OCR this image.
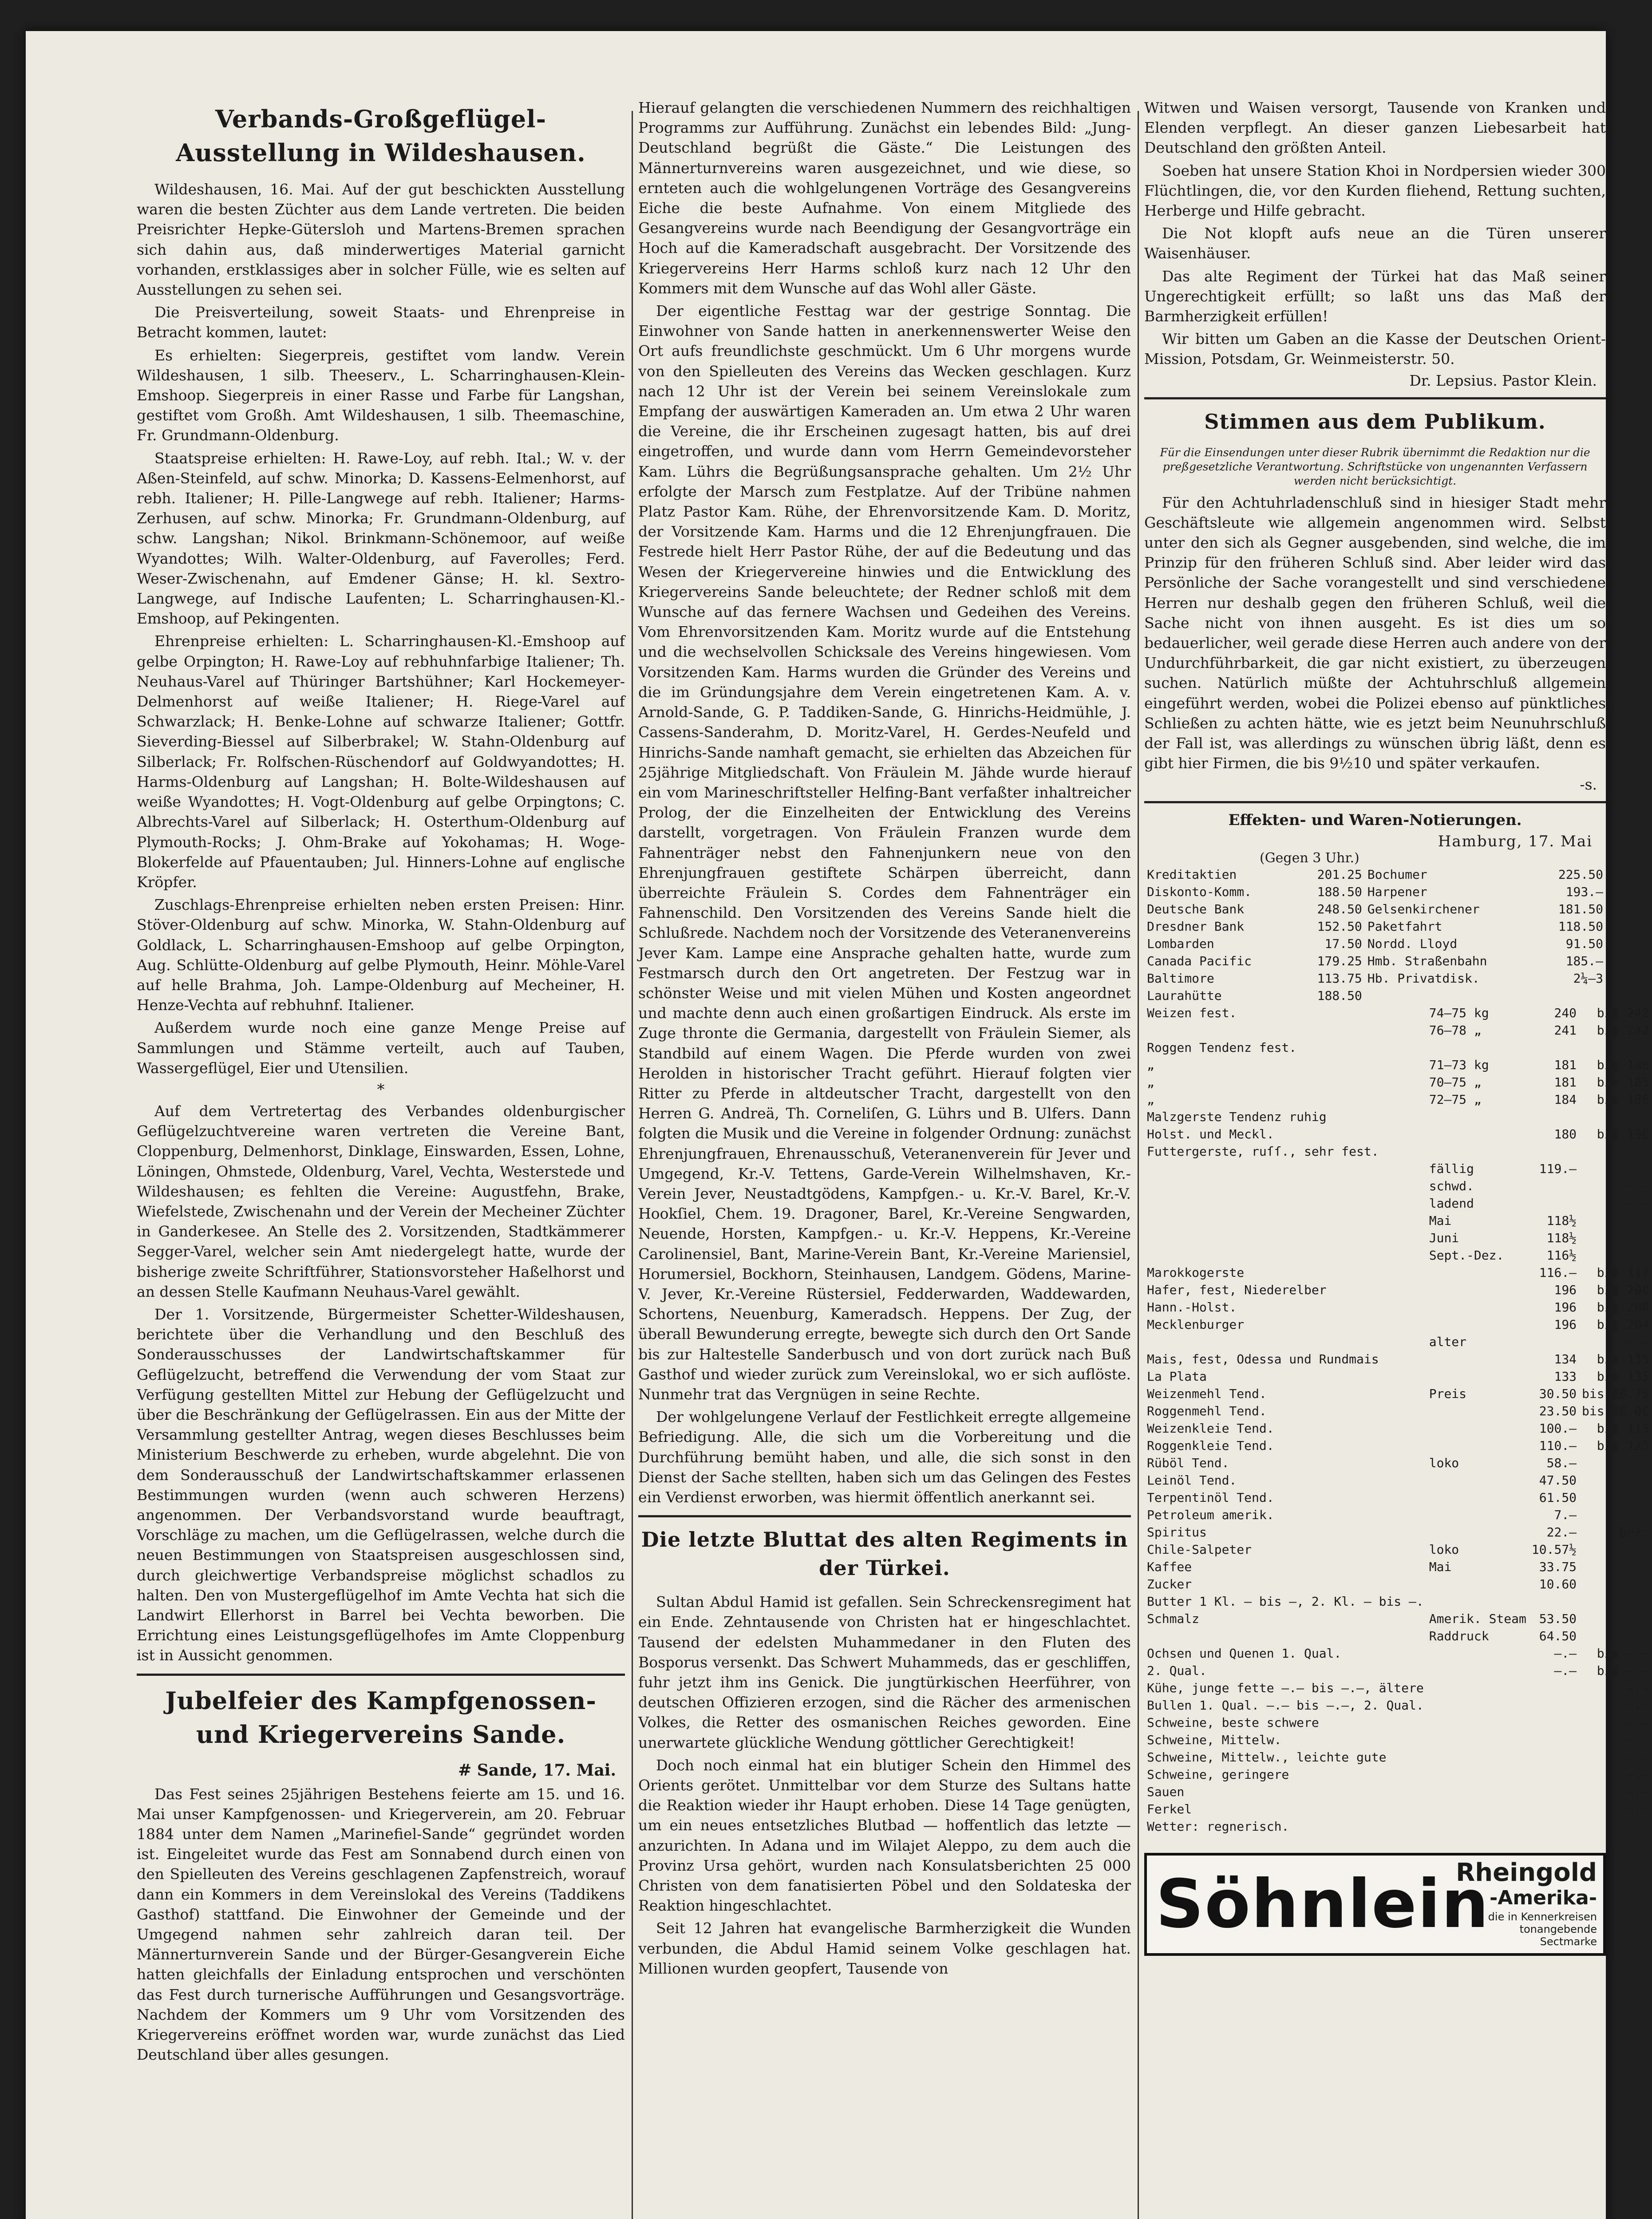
Verbands-Großgeflügel-Ausstellung in Wildeshausen.

Wildeshausen, 16. Mai. Auf der gut beschickten Ausstellung waren die besten Züchter aus dem Lande vertreten. Die beiden Preisrichter Hepke-Gütersloh und Martens-Bremen sprachen sich dahin aus, daß minderwertiges Material garnicht vorhanden, erstklassiges aber in solcher Fülle, wie es selten auf Ausstellungen zu sehen sei.

Die Preisverteilung, soweit Staats- und Ehrenpreise in Betracht kommen, lautet:

Es erhielten: Siegerpreis, gestiftet vom landw. Verein Wildeshausen, 1 silb. Theeserv., L. Scharringhausen-Klein-Emshoop. Siegerpreis in einer Rasse und Farbe für Langshan, gestiftet vom Großh. Amt Wildeshausen, 1 silb. Theemaschine, Fr. Grundmann-Oldenburg.

Staatspreise erhielten: H. Rawe-Loy, auf rebh. Ital.; W. v. der Aßen-Steinfeld, auf schw. Minorka; D. Kassens-Eelmenhorst, auf rebh. Italiener; H. Pille-Langwege auf rebh. Italiener; Harms-Zerhusen, auf schw. Minorka; Fr. Grundmann-Oldenburg, auf schw. Langshan; Nikol. Brinkmann-Schönemoor, auf weiße Wyandottes; Wilh. Walter-Oldenburg, auf Faverolles; Ferd. Weser-Zwischenahn, auf Emdener Gänse; H. kl. Sextro-Langwege, auf Indische Laufenten; L. Scharringhausen-Kl.-Emshoop, auf Pekingenten.

Ehrenpreise erhielten: L. Scharringhausen-Kl.-Emshoop auf gelbe Orpington; H. Rawe-Loy auf rebhuhnfarbige Italiener; Th. Neuhaus-Varel auf Thüringer Bartshühner; Karl Hockemeyer-Delmenhorst auf weiße Italiener; H. Riege-Varel auf Schwarzlack; H. Benke-Lohne auf schwarze Italiener; Gottfr. Sieverding-Biessel auf Silberbrakel; W. Stahn-Oldenburg auf Silberlack; Fr. Rolfschen-Rüschendorf auf Goldwyandottes; H. Harms-Oldenburg auf Langshan; H. Bolte-Wildeshausen auf weiße Wyandottes; H. Vogt-Oldenburg auf gelbe Orpingtons; C. Albrechts-Varel auf Silberlack; H. Osterthum-Oldenburg auf Plymouth-Rocks; J. Ohm-Brake auf Yokohamas; H. Woge-Blokerfelde auf Pfauentauben; Jul. Hinners-Lohne auf englische Kröpfer.

Zuschlags-Ehrenpreise erhielten neben ersten Preisen: Hinr. Stöver-Oldenburg auf schw. Minorka, W. Stahn-Oldenburg auf Goldlack, L. Scharringhausen-Emshoop auf gelbe Orpington, Aug. Schlütte-Oldenburg auf gelbe Plymouth, Heinr. Möhle-Varel auf helle Brahma, Joh. Lampe-Oldenburg auf Mecheiner, H. Henze-Vechta auf rebhuhnf. Italiener.

Außerdem wurde noch eine ganze Menge Preise auf Sammlungen und Stämme verteilt, auch auf Tauben, Wassergeflügel, Eier und Utensilien.

*

Auf dem Vertretertag des Verbandes oldenburgischer Geflügelzuchtvereine waren vertreten die Vereine Bant, Cloppenburg, Delmenhorst, Dinklage, Einswarden, Essen, Lohne, Löningen, Ohmstede, Oldenburg, Varel, Vechta, Westerstede und Wildeshausen; es fehlten die Vereine: Augustfehn, Brake, Wiefelstede, Zwischenahn und der Verein der Mecheiner Züchter in Ganderkesee. An Stelle des 2. Vorsitzenden, Stadtkämmerer Segger-Varel, welcher sein Amt niedergelegt hatte, wurde der bisherige zweite Schriftführer, Stationsvorsteher Haßelhorst und an dessen Stelle Kaufmann Neuhaus-Varel gewählt.

Der 1. Vorsitzende, Bürgermeister Schetter-Wildeshausen, berichtete über die Verhandlung und den Beschluß des Sonderausschusses der Landwirtschaftskammer für Geflügelzucht, betreffend die Verwendung der vom Staat zur Verfügung gestellten Mittel zur Hebung der Geflügelzucht und über die Beschränkung der Geflügelrassen. Ein aus der Mitte der Versammlung gestellter Antrag, wegen dieses Beschlusses beim Ministerium Beschwerde zu erheben, wurde abgelehnt. Die von dem Sonderausschuß der Landwirtschaftskammer erlassenen Bestimmungen wurden (wenn auch schweren Herzens) angenommen. Der Verbandsvorstand wurde beauftragt, Vorschläge zu machen, um die Geflügelrassen, welche durch die neuen Bestimmungen von Staatspreisen ausgeschlossen sind, durch gleichwertige Verbandspreise möglichst schadlos zu halten. Den von Mustergeflügelhof im Amte Vechta hat sich die Landwirt Ellerhorst in Barrel bei Vechta beworben. Die Errichtung eines Leistungsgeflügelhofes im Amte Cloppenburg ist in Aussicht genommen.

Jubelfeier des Kampfgenossen- und Kriegervereins Sande.
# Sande, 17. Mai.

Das Fest seines 25jährigen Bestehens feierte am 15. und 16. Mai unser Kampfgenossen- und Kriegerverein, am 20. Februar 1884 unter dem Namen „Marinefiel-Sande“ gegründet worden ist. Eingeleitet wurde das Fest am Sonnabend durch einen von den Spielleuten des Vereins geschlagenen Zapfenstreich, worauf dann ein Kommers in dem Vereinslokal des Vereins (Taddikens Gasthof) stattfand. Die Einwohner der Gemeinde und der Umgegend nahmen sehr zahlreich daran teil. Der Männerturnverein Sande und der Bürger-Gesangverein Eiche hatten gleichfalls der Einladung entsprochen und verschönten das Fest durch turnerische Aufführungen und Gesangsvorträge. Nachdem der Kommers um 9 Uhr vom Vorsitzenden des Kriegervereins eröffnet worden war, wurde zunächst das Lied Deutschland über alles gesungen.

Hierauf gelangten die verschiedenen Nummern des reichhaltigen Programms zur Aufführung. Zunächst ein lebendes Bild: „Jung-Deutschland begrüßt die Gäste.“ Die Leistungen des Männerturnvereins waren ausgezeichnet, und wie diese, so ernteten auch die wohlgelungenen Vorträge des Gesangvereins Eiche die beste Aufnahme. Von einem Mitgliede des Gesangvereins wurde nach Beendigung der Gesangvorträge ein Hoch auf die Kameradschaft ausgebracht. Der Vorsitzende des Kriegervereins Herr Harms schloß kurz nach 12 Uhr den Kommers mit dem Wunsche auf das Wohl aller Gäste.

Der eigentliche Festtag war der gestrige Sonntag. Die Einwohner von Sande hatten in anerkennenswerter Weise den Ort aufs freundlichste geschmückt. Um 6 Uhr morgens wurde von den Spielleuten des Vereins das Wecken geschlagen. Kurz nach 12 Uhr ist der Verein bei seinem Vereinslokale zum Empfang der auswärtigen Kameraden an. Um etwa 2 Uhr waren die Vereine, die ihr Erscheinen zugesagt hatten, bis auf drei eingetroffen, und wurde dann vom Herrn Gemeindevorsteher Kam. Lührs die Begrüßungsansprache gehalten. Um 2½ Uhr erfolgte der Marsch zum Festplatze. Auf der Tribüne nahmen Platz Pastor Kam. Rühe, der Ehrenvorsitzende Kam. D. Moritz, der Vorsitzende Kam. Harms und die 12 Ehrenjungfrauen. Die Festrede hielt Herr Pastor Rühe, der auf die Bedeutung und das Wesen der Kriegervereine hinwies und die Entwicklung des Kriegervereins Sande beleuchtete; der Redner schloß mit dem Wunsche auf das fernere Wachsen und Gedeihen des Vereins. Vom Ehrenvorsitzenden Kam. Moritz wurde auf die Entstehung und die wechselvollen Schicksale des Vereins hingewiesen. Vom Vorsitzenden Kam. Harms wurden die Gründer des Vereins und die im Gründungsjahre dem Verein eingetretenen Kam. A. v. Arnold-Sande, G. P. Taddiken-Sande, G. Hinrichs-Heidmühle, J. Cassens-Sanderahm, D. Moritz-Varel, H. Gerdes-Neufeld und Hinrichs-Sande namhaft gemacht, sie erhielten das Abzeichen für 25jährige Mitgliedschaft. Von Fräulein M. Jähde wurde hierauf ein vom Marineschriftsteller Helfing-Bant verfaßter inhaltreicher Prolog, der die Einzelheiten der Entwicklung des Vereins darstellt, vorgetragen. Von Fräulein Franzen wurde dem Fahnenträger nebst den Fahnenjunkern neue von den Ehrenjungfrauen gestiftete Schärpen überreicht, dann überreichte Fräulein S. Cordes dem Fahnenträger ein Fahnenschild. Den Vorsitzenden des Vereins Sande hielt die Schlußrede. Nachdem noch der Vorsitzende des Veteranenvereins Jever Kam. Lampe eine Ansprache gehalten hatte, wurde zum Festmarsch durch den Ort angetreten. Der Festzug war in schönster Weise und mit vielen Mühen und Kosten angeordnet und machte denn auch einen großartigen Eindruck. Als erste im Zuge thronte die Germania, dargestellt von Fräulein Siemer, als Standbild auf einem Wagen. Die Pferde wurden von zwei Herolden in historischer Tracht geführt. Hierauf folgten vier Ritter zu Pferde in altdeutscher Tracht, dargestellt von den Herren G. Andreä, Th. Corneliſen, G. Lührs und B. Ulfers. Dann folgten die Musik und die Vereine in folgender Ordnung: zunächst Ehrenjungfrauen, Ehrenausschuß, Veteranenverein für Jever und Umgegend, Kr.-V. Tettens, Garde-Verein Wilhelmshaven, Kr.-Verein Jever, Neustadtgödens, Kampfgen.- u. Kr.-V. Barel, Kr.-V. Hookſiel, Chem. 19. Dragoner, Barel, Kr.-Vereine Sengwarden, Neuende, Horsten, Kampfgen.- u. Kr.-V. Heppens, Kr.-Vereine Carolinensiel, Bant, Marine-Verein Bant, Kr.-Vereine Mariensiel, Horumersiel, Bockhorn, Steinhausen, Landgem. Gödens, Marine-V. Jever, Kr.-Vereine Rüstersiel, Fedderwarden, Waddewarden, Schortens, Neuenburg, Kameradsch. Heppens. Der Zug, der überall Bewunderung erregte, bewegte sich durch den Ort Sande bis zur Haltestelle Sanderbusch und von dort zurück nach Buß Gasthof und wieder zurück zum Vereinslokal, wo er sich auflöste. Nunmehr trat das Vergnügen in seine Rechte.

Der wohlgelungene Verlauf der Festlichkeit erregte allgemeine Befriedigung. Alle, die sich um die Vorbereitung und die Durchführung bemüht haben, und alle, die sich sonst in den Dienst der Sache stellten, haben sich um das Gelingen des Festes ein Verdienst erworben, was hiermit öffentlich anerkannt sei.

Die letzte Bluttat des alten Regiments in der Türkei.

Sultan Abdul Hamid ist gefallen. Sein Schreckensregiment hat ein Ende. Zehntausende von Christen hat er hingeschlachtet. Tausend der edelsten Muhammedaner in den Fluten des Bosporus versenkt. Das Schwert Muhammeds, das er geschliffen, fuhr jetzt ihm ins Genick. Die jungtürkischen Heerführer, von deutschen Offizieren erzogen, sind die Rächer des armenischen Volkes, die Retter des osmanischen Reiches geworden. Eine unerwartete glückliche Wendung göttlicher Gerechtigkeit!

Doch noch einmal hat ein blutiger Schein den Himmel des Orients gerötet. Unmittelbar vor dem Sturze des Sultans hatte die Reaktion wieder ihr Haupt erhoben. Diese 14 Tage genügten, um ein neues entsetzliches Blutbad — hoffentlich das letzte — anzurichten. In Adana und im Wilajet Aleppo, zu dem auch die Provinz Ursa gehört, wurden nach Konsulatsberichten 25 000 Christen von dem fanatisierten Pöbel und den Soldateska der Reaktion hingeschlachtet.

Seit 12 Jahren hat evangelische Barmherzigkeit die Wunden verbunden, die Abdul Hamid seinem Volke geschlagen hat. Millionen wurden geopfert, Tausende von

Witwen und Waisen versorgt, Tausende von Kranken und Elenden verpflegt. An dieser ganzen Liebesarbeit hat Deutschland den größten Anteil.

Soeben hat unsere Station Khoi in Nordpersien wieder 300 Flüchtlingen, die, vor den Kurden fliehend, Rettung suchten, Herberge und Hilfe gebracht.

Die Not klopft aufs neue an die Türen unserer Waisenhäuser.

Das alte Regiment der Türkei hat das Maß seiner Ungerechtigkeit erfüllt; so laßt uns das Maß der Barmherzigkeit erfüllen!

Wir bitten um Gaben an die Kasse der Deutschen Orient-Mission, Potsdam, Gr. Weinmeisterstr. 50.

Dr. Lepsius. Pastor Klein.
Stimmen aus dem Publikum.
Für die Einsendungen unter dieser Rubrik übernimmt die Redaktion nur die preßgesetzliche Verantwortung. Schriftstücke von ungenannten Verfassern werden nicht berücksichtigt.

Für den Achtuhrladenschluß sind in hiesiger Stadt mehr Geschäftsleute wie allgemein angenommen wird. Selbst unter den sich als Gegner ausgebenden, sind welche, die im Prinzip für den früheren Schluß sind. Aber leider wird das Persönliche der Sache vorangestellt und sind verschiedene Herren nur deshalb gegen den früheren Schluß, weil die Sache nicht von ihnen ausgeht. Es ist dies um so bedauerlicher, weil gerade diese Herren auch andere von der Undurchführbarkeit, die gar nicht existiert, zu überzeugen suchen. Natürlich müßte der Achtuhrschluß allgemein eingeführt werden, wobei die Polizei ebenso auf pünktliches Schließen zu achten hätte, wie es jetzt beim Neunuhrschluß der Fall ist, was allerdings zu wünschen übrig läßt, denn es gibt hier Firmen, die bis 9½10 und später verkaufen.

-s.
Effekten- und Waren-Notierungen.
Hamburg, 17. Mai
(Gegen 3 Uhr.)
Kreditaktien	201.25	Bochumer	225.50
Diskonto-Komm.	188.50	Harpener	193.–
Deutsche Bank	248.50	Gelsenkirchener	181.50
Dresdner Bank	152.50	Paketfahrt	118.50
Lombarden	17.50	Nordd. Lloyd	91.50
Canada Pacific	179.25	Hmb. Straßenbahn	185.–
Baltimore	113.75	Hb. Privatdisk.	2¼–3
Laurahütte	188.50		
Weizen fest.	74–75 kg	240	bis 242
	76–78 „	241	bis 242
Roggen Tendenz fest.			
„	71–73 kg	181	bis 186
„	70–75 „	181	bis 185
„	72–75 „	184	bis 186
Malzgerste Tendenz ruhig			
Holst. und Meckl.		180	bis 190
Futtergerste, ruſſ., sehr fest.			
	fällig	119.–	
	schwd.		–.–
	ladend		–.–
	Mai	118½	
	Juni	118½	
	Sept.-Dez.	116½	
Marokkogerste		116.–	bis 117
Hafer, fest, Niederelber		196	bis 200
Hann.-Holst.		196	bis 200
Mecklenburger		196	bis 204
	alter		–.–
Mais, fest, Odessa und Rundmais		134	bis 135
La Plata		133	bis 135
Weizenmehl Tend.	Preis	30.50	bis 36.75
Roggenmehl Tend.		23.50	bis 26.00
Weizenkleie Tend.		100.–	bis 115
Roggenkleie Tend.		110.–	bis 125
Rüböl Tend.	loko	58.–	
Leinöl Tend.		47.50	
Terpentinöl Tend.		61.50	
Petroleum amerik.		7.–	
Spiritus		22.–	bez.
Chile-Salpeter	loko	10.57½	
Kaffee	Mai	33.75	
Zucker		10.60	
Butter 1 Kl. – bis –, 2. Kl. – bis –.			
Schmalz	Amerik. Steam	53.50	
	Raddruck	64.50	
Ochsen und Quenen 1. Qual.		–.–	bis –.–
2. Qual.		–.–	bis –.–
Kühe, junge fette –.– bis –.–, ältere			–.–
Bullen 1. Qual. –.– bis –.–, 2. Qual.			–.–
Schweine, beste schwere			–.–
Schweine, Mittelw.			–.–
Schweine, Mittelw., leichte gute			–.–
Schweine, geringere			–.–
Sauen			–.–
Ferkel			–.–
Wetter: regnerisch.			
Söhnlein
Rheingold
-Amerika-
die in Kennerkreisen
tonangebende
Sectmarke
